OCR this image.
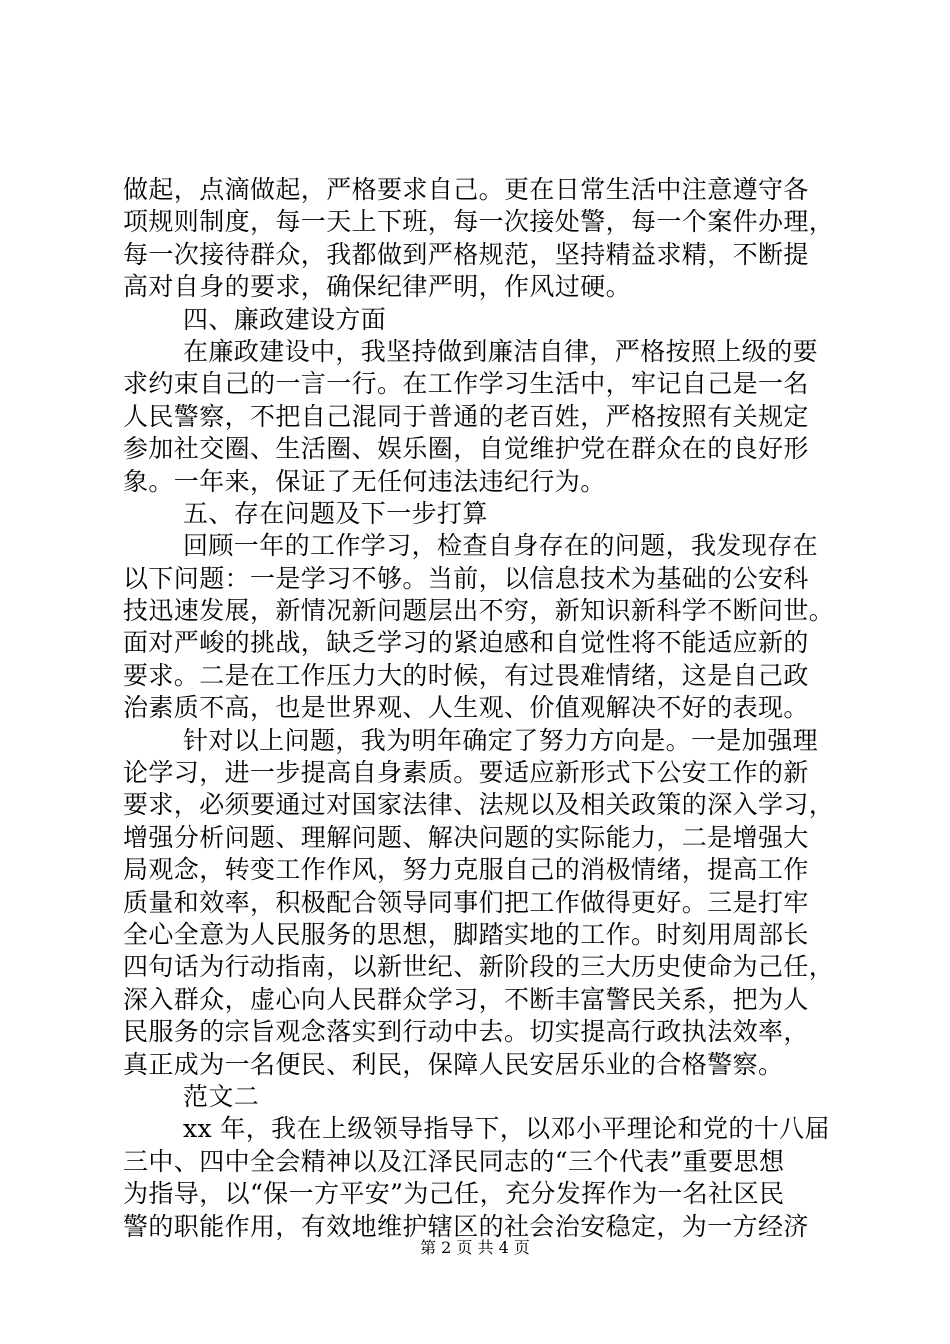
做起，点滴做起，严格要求自己。更在日常生活中注意遵守各
项规则制度，每一天上下班，每一次接处警，每一个案件办理，
每一次接待群众，我都做到严格规范，坚持精益求精，不断提
高对自身的要求，确保纪律严明，作风过硬。
四、廉政建设方面
在廉政建设中，我坚持做到廉洁自律，严格按照上级的要
求约束自己的一言一行。在工作学习生活中，牢记自己是一名
人民警察，不把自己混同于普通的老百姓，严格按照有关规定
参加社交圈、生活圈、娱乐圈，自觉维护党在群众在的良好形
象。一年来，保证了无任何违法违纪行为。
五、存在问题及下一步打算
回顾一年的工作学习，检查自身存在的问题，我发现存在
以下问题：一是学习不够。当前，以信息技术为基础的公安科
技迅速发展，新情况新问题层出不穷，新知识新科学不断问世。
面对严峻的挑战，缺乏学习的紧迫感和自觉性将不能适应新的
要求。二是在工作压力大的时候，有过畏难情绪，这是自己政
治素质不高，也是世界观、人生观、价值观解决不好的表现。
针对以上问题，我为明年确定了努力方向是。一是加强理
论学习，进一步提高自身素质。要适应新形式下公安工作的新
要求，必须要通过对国家法律、法规以及相关政策的深入学习，
增强分析问题、理解问题、解决问题的实际能力，二是增强大
局观念，转变工作作风，努力克服自己的消极情绪，提高工作
质量和效率，积极配合领导同事们把工作做得更好。三是打牢
全心全意为人民服务的思想，脚踏实地的工作。时刻用周部长
四句话为行动指南，以新世纪、新阶段的三大历史使命为己任，
深入群众，虚心向人民群众学习，不断丰富警民关系，把为人
民服务的宗旨观念落实到行动中去。切实提高行政执法效率，
真正成为一名便民、利民，保障人民安居乐业的合格警察。
范文二
xx 年，我在上级领导指导下，以邓小平理论和党的十八届
三中、四中全会精神以及江泽民同志的“三个代表”重要思想
为指导，以“保一方平安”为己任，充分发挥作为一名社区民
警的职能作用，有效地维护辖区的社会治安稳定，为一方经济
第 2 页 共 4 页
